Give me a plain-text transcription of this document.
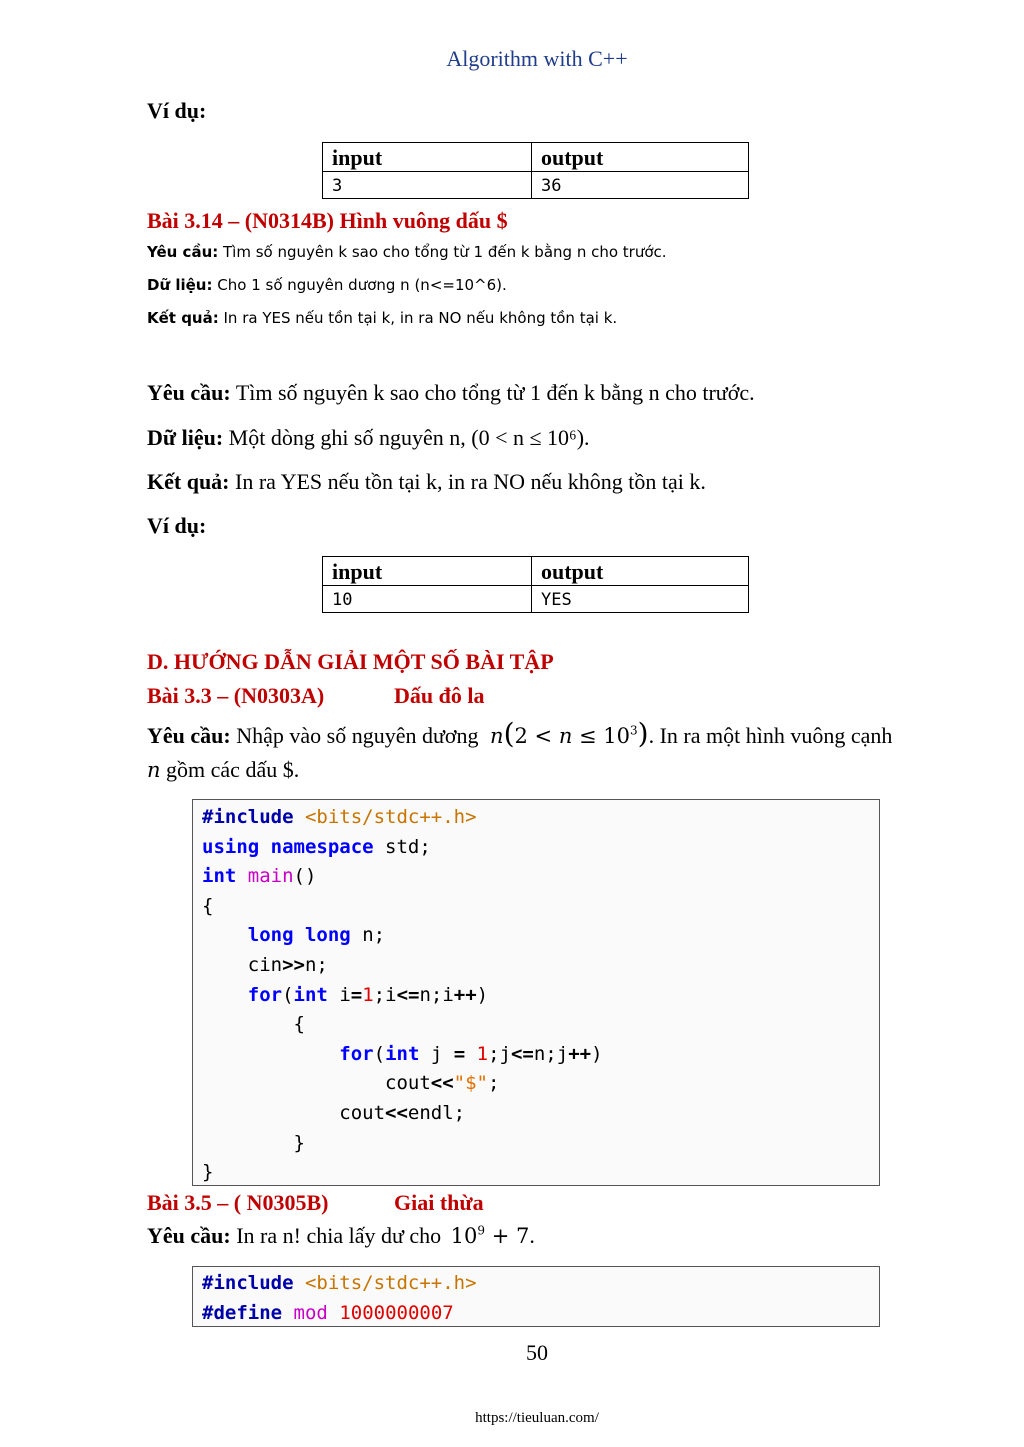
Algorithm with C++
Ví dụ:
input	output
3	36
Bài 3.14 – (N0314B) Hình vuông dấu $
Yêu cầu: Tìm số nguyên k sao cho tổng từ 1 đến k bằng n cho trước.
Dữ liệu: Cho 1 số nguyên dương n (n<=10^6).
Kết quả: In ra YES nếu tồn tại k, in ra NO nếu không tồn tại k.
Yêu cầu: Tìm số nguyên k sao cho tổng từ 1 đến k bằng n cho trước.
Dữ liệu: Một dòng ghi số nguyên n, (0 < n ≤ 10⁶).
Kết quả: In ra YES nếu tồn tại k, in ra NO nếu không tồn tại k.
Ví dụ:
input	output
10	YES
D. HƯỚNG DẪN GIẢI MỘT SỐ BÀI TẬP
Bài 3.3 – (N0303A)	Dấu đô la
Yêu cầu: Nhập vào số nguyên dương $n(2 < n \le 10^3)$. In ra một hình vuông cạnh
n gồm các dấu $.
#include <bits/stdc++.h>
using namespace std;
int main()
{
long long n;
cin>>n;
for(int i=1;i<=n;i++)
{
for(int j = 1;j<=n;j++)
cout<<"$";
cout<<endl;
}
}
Bài 3.5 – ( N0305B)	Giai thừa
Yêu cầu: In ra n! chia lấy dư cho $10^9 + 7$.
#include <bits/stdc++.h>
#define mod 1000000007
50
https://tieuluan.com/
